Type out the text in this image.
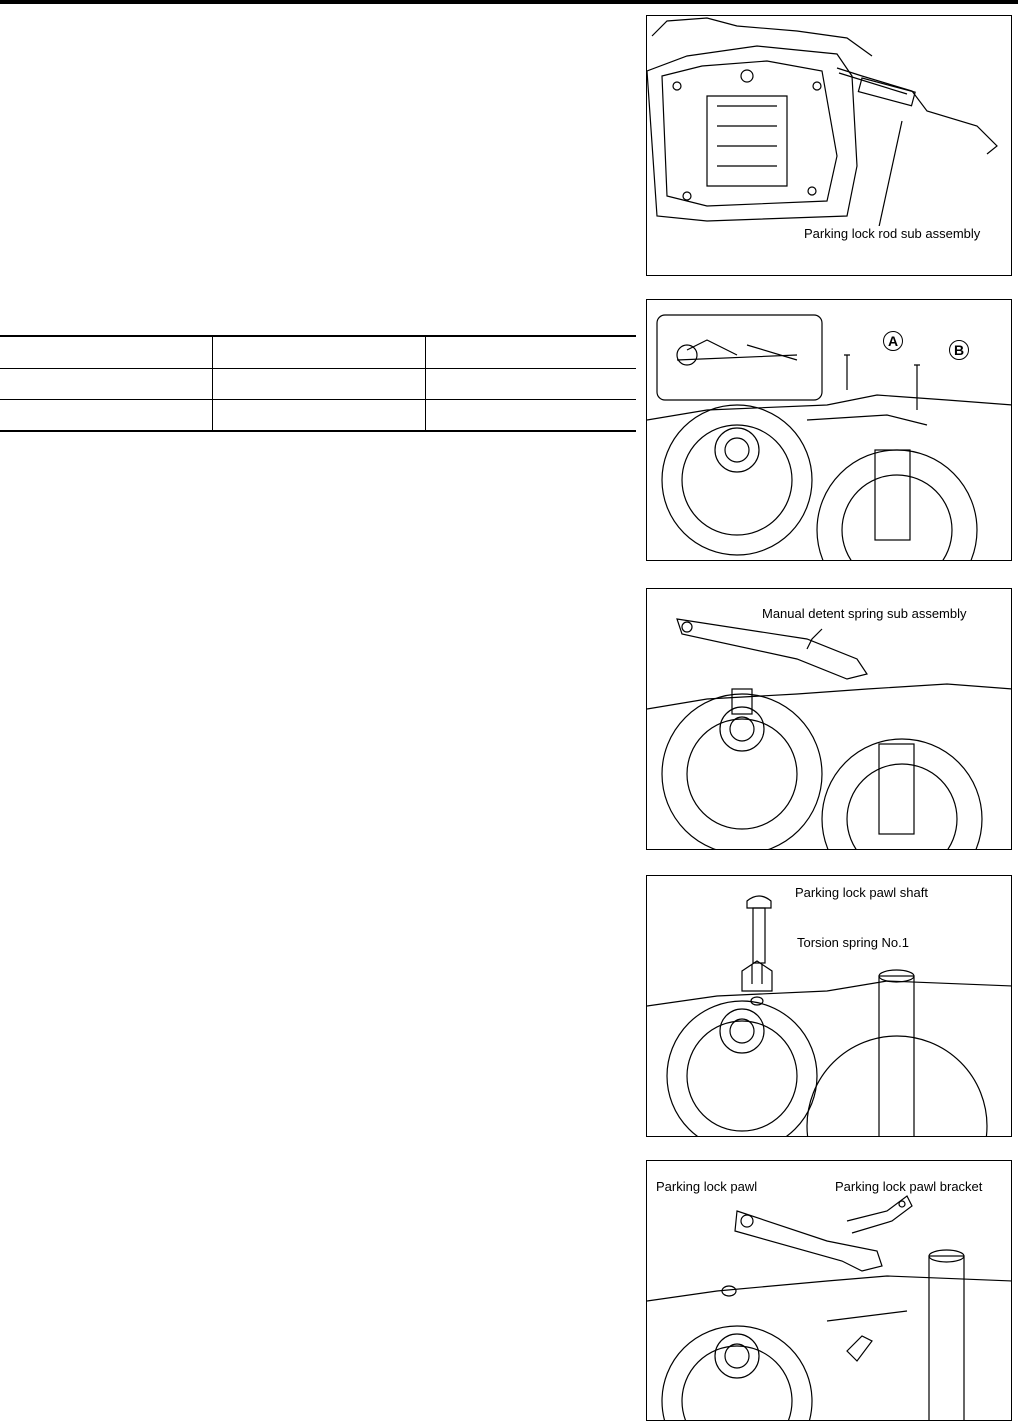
Parking lock rod sub assembly
A
B
Manual detent spring sub assembly
Parking lock pawl shaft
Torsion spring No.1
Parking lock pawl	Parking lock pawl bracket
